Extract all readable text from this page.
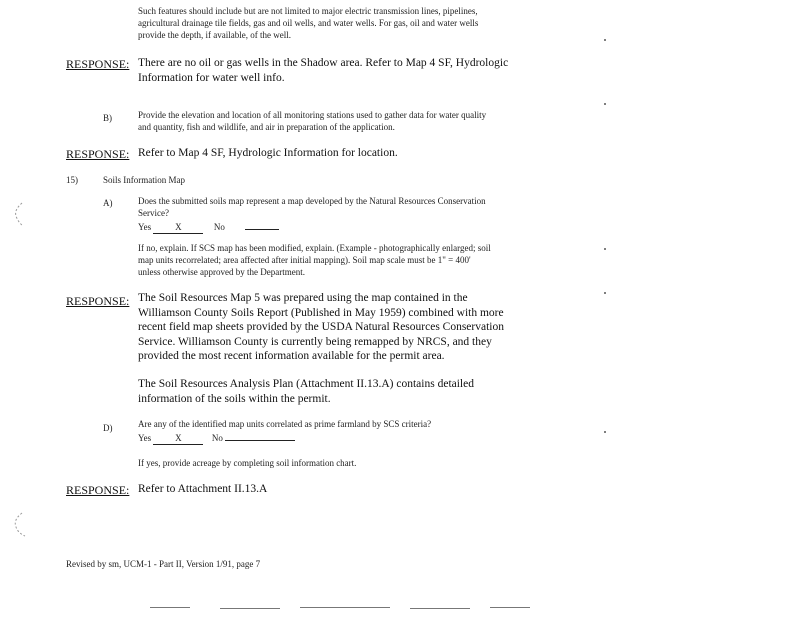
Such features should include but are not limited to major electric transmission lines, pipelines,
agricultural drainage tile fields, gas and oil wells, and water wells. For gas, oil and water wells
provide the depth, if available, of the well.
RESPONSE: There are no oil or gas wells in the Shadow area. Refer to Map 4 SF, Hydrologic
Information for water well info.
B)	Provide the elevation and location of all monitoring stations used to gather data for water quality
and quantity, fish and wildlife, and air in preparation of the application.
RESPONSE: Refer to Map 4 SF, Hydrologic Information for location.
15)	Soils Information Map
A)	Does the submitted soils map represent a map developed by the Natural Resources Conservation
Service?
Yes	X	No
If no, explain. If SCS map has been modified, explain. (Example - photographically enlarged; soil
map units recorrelated; area affected after initial mapping). Soil map scale must be 1" = 400'
unless otherwise approved by the Department.
RESPONSE: The Soil Resources Map 5 was prepared using the map contained in the
Williamson County Soils Report (Published in May 1959) combined with more
recent field map sheets provided by the USDA Natural Resources Conservation
Service. Williamson County is currently being remapped by NRCS, and they
provided the most recent information available for the permit area.
The Soil Resources Analysis Plan (Attachment II.13.A) contains detailed
information of the soils within the permit.
D)	Are any of the identified map units correlated as prime farmland by SCS criteria?
Yes	X	No
If yes, provide acreage by completing soil information chart.
RESPONSE: Refer to Attachment II.13.A
Revised by sm, UCM-1 - Part II, Version 1/91, page 7
